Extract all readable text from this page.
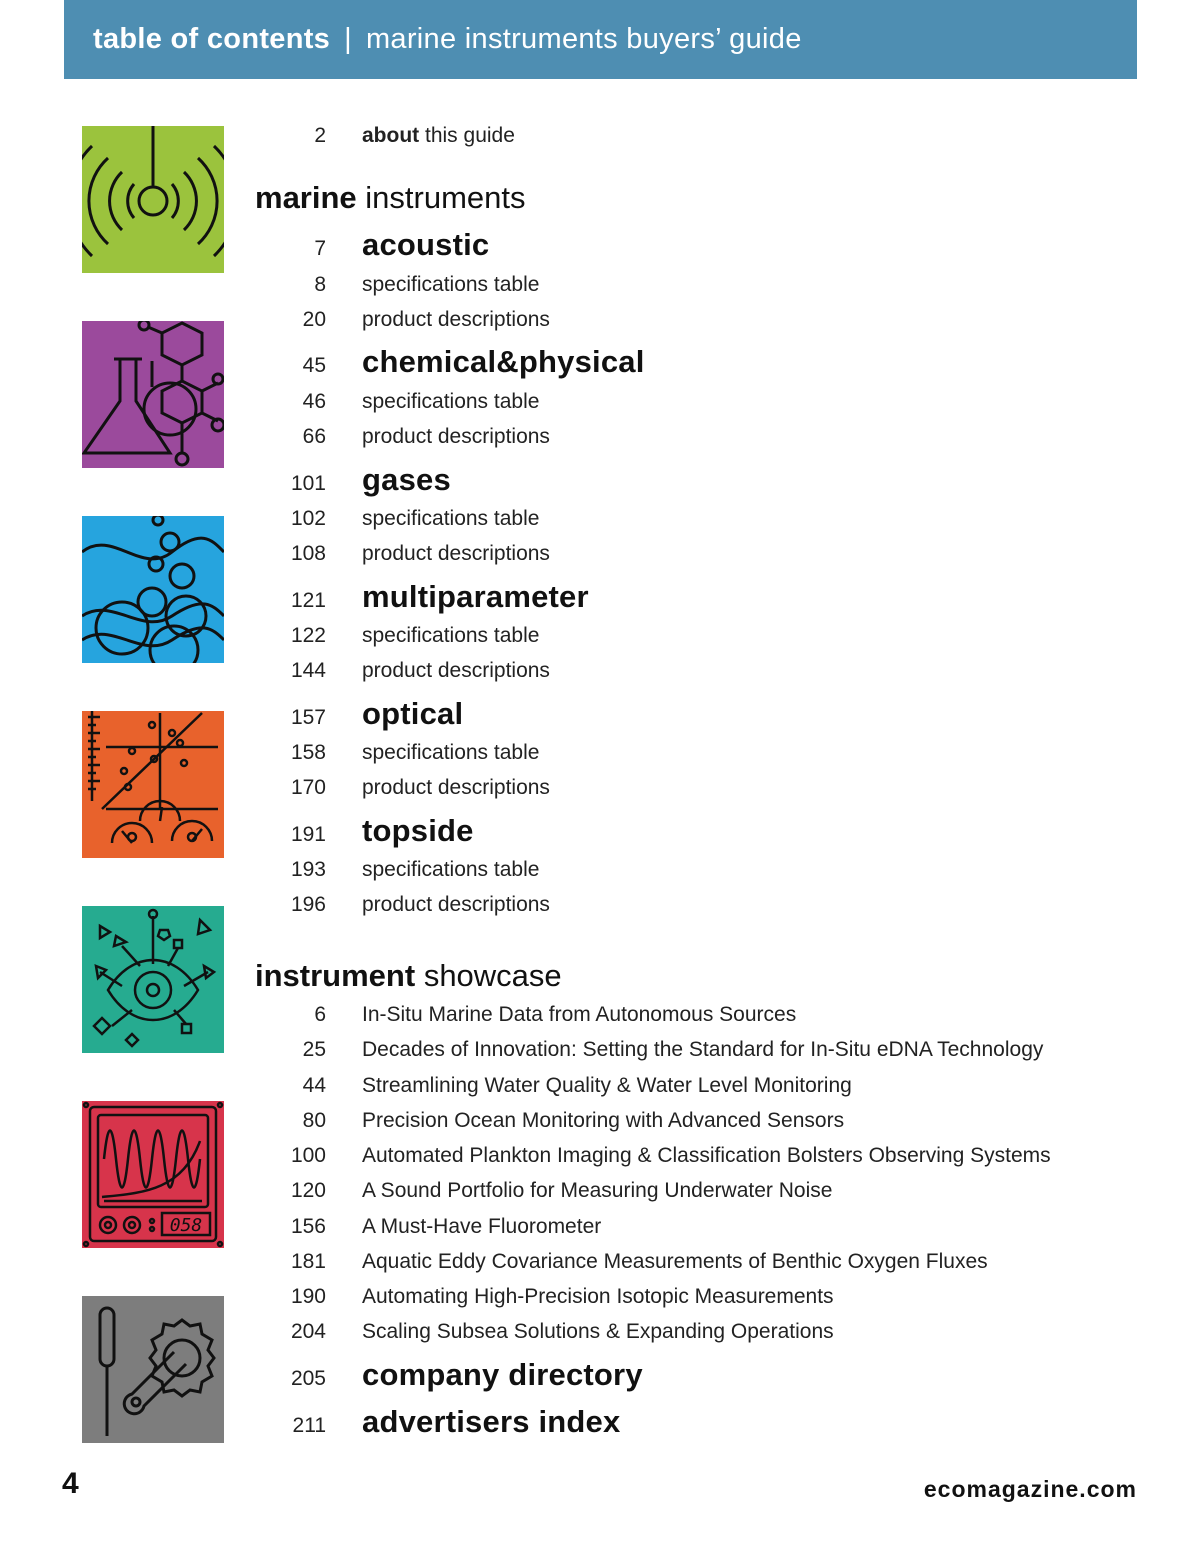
table of contents | marine instruments buyers’ guide
058
2 about this guide
marine instruments
7 acoustic
8 specifications table
20 product descriptions
45 chemical&physical
46 specifications table
66 product descriptions
101 gases
102 specifications table
108 product descriptions
121 multiparameter
122 specifications table
144 product descriptions
157 optical
158 specifications table
170 product descriptions
191 topside
193 specifications table
196 product descriptions
instrument showcase
6 In-Situ Marine Data from Autonomous Sources
25 Decades of Innovation: Setting the Standard for In-Situ eDNA Technology
44 Streamlining Water Quality & Water Level Monitoring
80 Precision Ocean Monitoring with Advanced Sensors
100 Automated Plankton Imaging & Classification Bolsters Observing Systems
120 A Sound Portfolio for Measuring Underwater Noise
156 A Must-Have Fluorometer
181 Aquatic Eddy Covariance Measurements of Benthic Oxygen Fluxes
190 Automating High-Precision Isotopic Measurements
204 Scaling Subsea Solutions & Expanding Operations
205 company directory
211 advertisers index
4	ecomagazine.com
